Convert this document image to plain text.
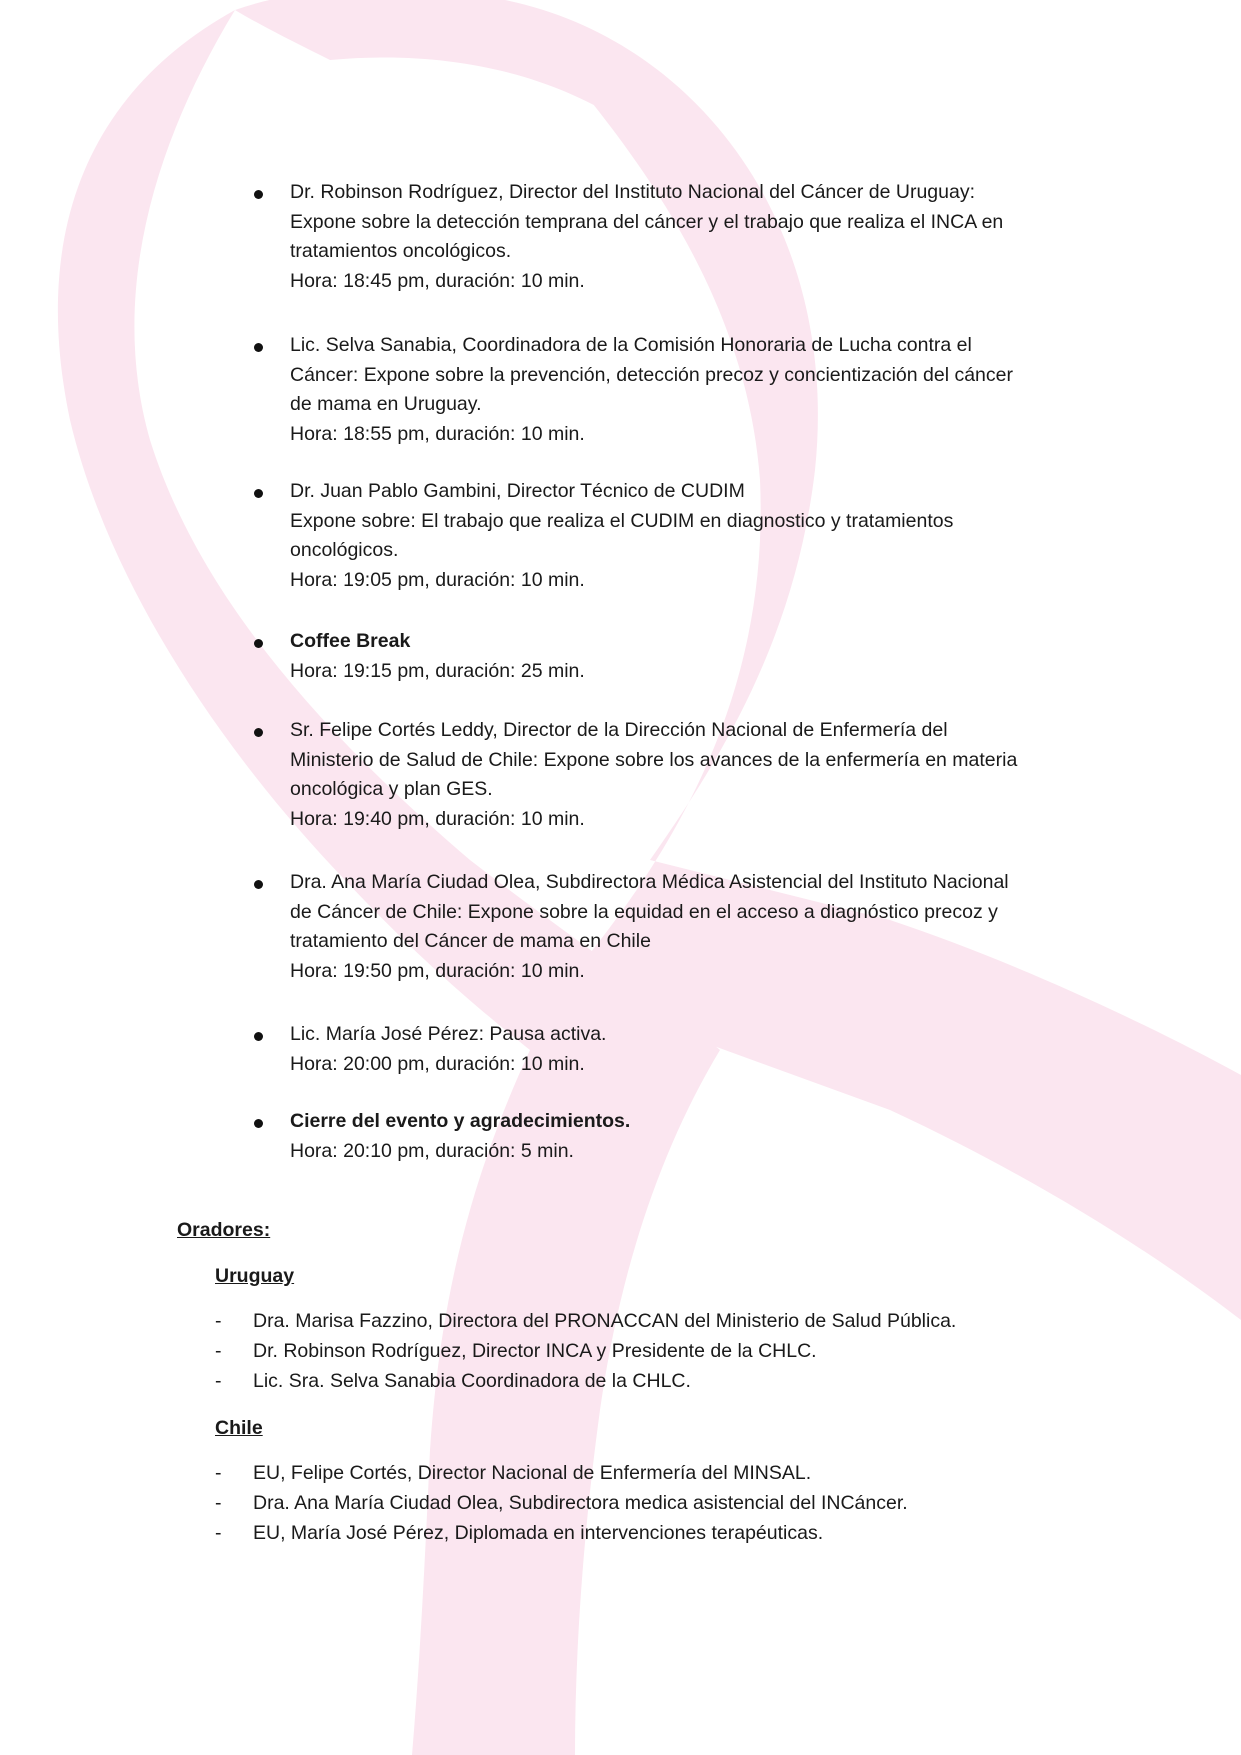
Dr. Robinson Rodríguez, Director del Instituto Nacional del Cáncer de Uruguay:
Expone sobre la detección temprana del cáncer y el trabajo que realiza el INCA en
tratamientos oncológicos.
Hora: 18:45 pm, duración: 10 min.
Lic. Selva Sanabia, Coordinadora de la Comisión Honoraria de Lucha contra el
Cáncer: Expone sobre la prevención, detección precoz y concientización del cáncer
de mama en Uruguay.
Hora: 18:55 pm, duración: 10 min.
Dr. Juan Pablo Gambini, Director Técnico de CUDIM
Expone sobre: El trabajo que realiza el CUDIM en diagnostico y tratamientos
oncológicos.
Hora: 19:05 pm, duración: 10 min.
Coffee Break
Hora: 19:15 pm, duración: 25 min.
Sr. Felipe Cortés Leddy, Director de la Dirección Nacional de Enfermería del
Ministerio de Salud de Chile: Expone sobre los avances de la enfermería en materia
oncológica y plan GES.
Hora: 19:40 pm, duración: 10 min.
Dra. Ana María Ciudad Olea, Subdirectora Médica Asistencial del Instituto Nacional
de Cáncer de Chile: Expone sobre la equidad en el acceso a diagnóstico precoz y
tratamiento del Cáncer de mama en Chile
Hora: 19:50 pm, duración: 10 min.
Lic. María José Pérez: Pausa activa.
Hora: 20:00 pm, duración: 10 min.
Cierre del evento y agradecimientos.
Hora: 20:10 pm, duración: 5 min.
Oradores:
Uruguay
- Dra. Marisa Fazzino, Directora del PRONACCAN del Ministerio de Salud Pública.
- Dr. Robinson Rodríguez, Director INCA y Presidente de la CHLC.
- Lic. Sra. Selva Sanabia Coordinadora de la CHLC.
Chile
- EU, Felipe Cortés, Director Nacional de Enfermería del MINSAL.
- Dra. Ana María Ciudad Olea, Subdirectora medica asistencial del INCáncer.
- EU, María José Pérez, Diplomada en intervenciones terapéuticas.
